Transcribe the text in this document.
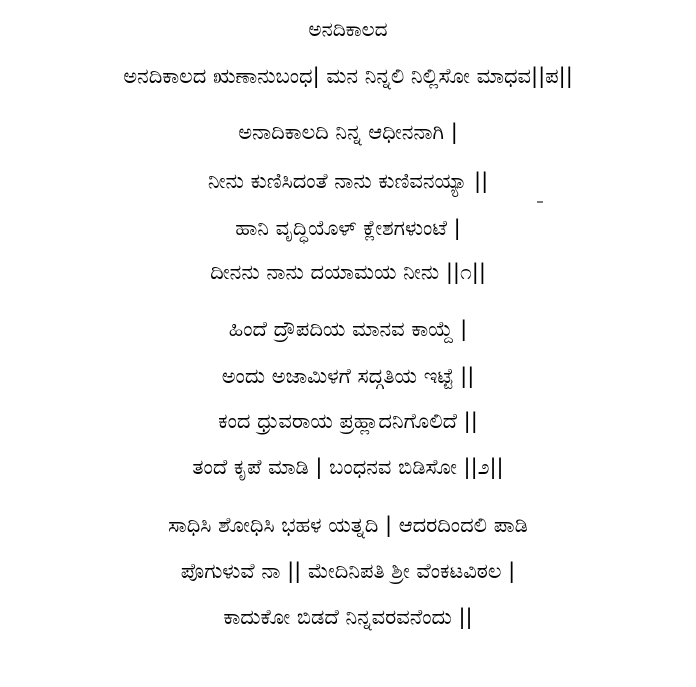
ಅನದಿಕಾಲದ

ಅನದಿಕಾಲದ ಋಣಾನುಬಂಧ| ಮನ ನಿನ್ನಲಿ ನಿಲ್ಲಿಸೋ ಮಾಧವ||ಪ||

ಅನಾದಿಕಾಲದಿ ನಿನ್ನ ಆಧೀನನಾಗಿ |

ನೀನು ಕುಣಿಸಿದಂತೆ ನಾನು ಕುಣಿವನಯ್ಯಾ ||

ಹಾನಿ ವೃದ್ಧಿಯೊಳ್ ಕ್ಲೇಶಗಳುಂಟೆ |

ದೀನನು ನಾನು ದಯಾಮಯ ನೀನು ||೧||

ಹಿಂದೆ ದ್ರೌಪದಿಯ ಮಾನವ ಕಾಯ್ದೆ |

ಅಂದು ಅಜಾಮಿಳಗೆ ಸದ್ಗತಿಯ ಇಟ್ಟೆ ||

ಕಂದ ಧ್ರುವರಾಯ ಪ್ರಹ್ಲಾದನಿಗೊಲಿದೆ ||

ತಂದೆ ಕೃಪೆ ಮಾಡಿ | ಬಂಧನವ ಬಿಡಿಸೋ ||೨||

ಸಾಧಿಸಿ ಶೋಧಿಸಿ ಭಹಳ ಯತ್ನದಿ | ಆದರದಿಂದಲಿ ಪಾಡಿ

ಪೊಗುಳುವೆ ನಾ || ಮೇದಿನಿಪತಿ ಶ್ರೀ ವೆಂಕಟವಿಠಲ |

ಕಾದುಕೋ ಬಿಡದೆ ನಿನ್ನವರವನೆಂದು ||
